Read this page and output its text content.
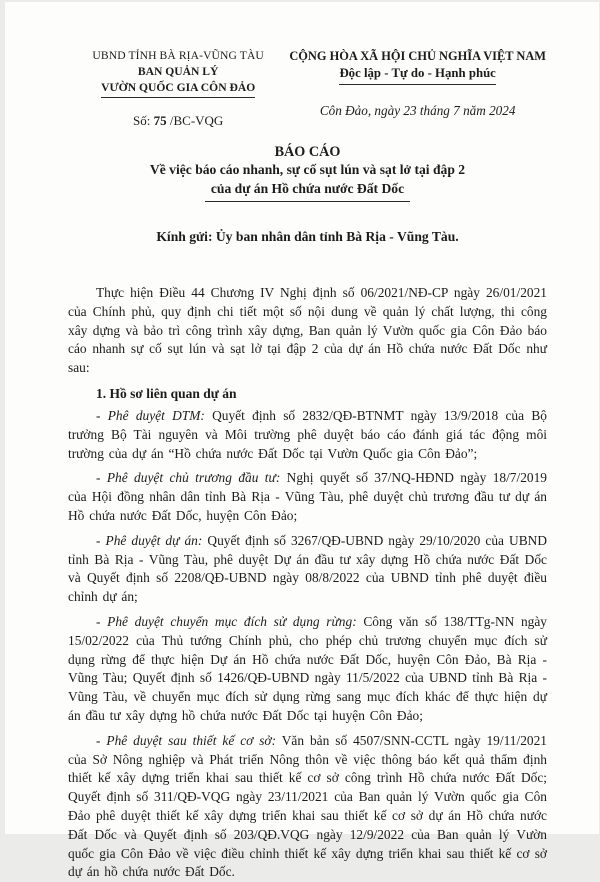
UBND TỈNH BÀ RỊA-VŨNG TÀU
BAN QUẢN LÝ
VƯỜN QUỐC GIA CÔN ĐẢO
Số: 75 /BC-VQG
CỘNG HÒA XÃ HỘI CHỦ NGHĨA VIỆT NAM
Độc lập - Tự do - Hạnh phúc
Côn Đảo, ngày 23 tháng 7 năm 2024
BÁO CÁO
Về việc báo cáo nhanh, sự cố sụt lún và sạt lở tại đập 2
của dự án Hồ chứa nước Đất Dốc
Kính gửi: Ủy ban nhân dân tỉnh Bà Rịa - Vũng Tàu.

Thực hiện Điều 44 Chương IV Nghị định số 06/2021/NĐ-CP ngày 26/01/2021 của Chính phủ, quy định chi tiết một số nội dung về quản lý chất lượng, thi công xây dựng và bảo trì công trình xây dựng, Ban quản lý Vườn quốc gia Côn Đảo báo cáo nhanh sự cố sụt lún và sạt lở tại đập 2 của dự án Hồ chứa nước Đất Dốc như sau:

1. Hồ sơ liên quan dự án

- Phê duyệt DTM: Quyết định số 2832/QĐ-BTNMT ngày 13/9/2018 của Bộ trưởng Bộ Tài nguyên và Môi trường phê duyệt báo cáo đánh giá tác động môi trường của dự án “Hồ chứa nước Đất Dốc tại Vườn Quốc gia Côn Đảo”;

- Phê duyệt chủ trương đầu tư: Nghị quyết số 37/NQ-HĐND ngày 18/7/2019 của Hội đồng nhân dân tỉnh Bà Rịa - Vũng Tàu, phê duyệt chủ trương đầu tư dự án Hồ chứa nước Đất Dốc, huyện Côn Đảo;

- Phê duyệt dự án: Quyết định số 3267/QĐ-UBND ngày 29/10/2020 của UBND tỉnh Bà Rịa - Vũng Tàu, phê duyệt Dự án đầu tư xây dựng Hồ chứa nước Đất Dốc và Quyết định số 2208/QĐ-UBND ngày 08/8/2022 của UBND tỉnh phê duyệt điều chỉnh dự án;

- Phê duyệt chuyển mục đích sử dụng rừng: Công văn số 138/TTg-NN ngày 15/02/2022 của Thủ tướng Chính phủ, cho phép chủ trương chuyển mục đích sử dụng rừng để thực hiện Dự án Hồ chứa nước Đất Dốc, huyện Côn Đảo, Bà Rịa - Vũng Tàu; Quyết định số 1426/QĐ-UBND ngày 11/5/2022 của UBND tỉnh Bà Rịa - Vũng Tàu, về chuyển mục đích sử dụng rừng sang mục đích khác để thực hiện dự án đầu tư xây dựng hồ chứa nước Đất Dốc tại huyện Côn Đảo;

- Phê duyệt sau thiết kế cơ sở: Văn bản số 4507/SNN-CCTL ngày 19/11/2021 của Sở Nông nghiệp và Phát triển Nông thôn về việc thông báo kết quả thẩm định thiết kế xây dựng triển khai sau thiết kế cơ sở công trình Hồ chứa nước Đất Dốc; Quyết định số 311/QĐ-VQG ngày 23/11/2021 của Ban quản lý Vườn quốc gia Côn Đảo phê duyệt thiết kế xây dựng triển khai sau thiết kế cơ sở dự án Hồ chứa nước Đất Dốc và Quyết định số 203/QĐ.VQG ngày 12/9/2022 của Ban quản lý Vườn quốc gia Côn Đảo về việc điều chỉnh thiết kế xây dựng triển khai sau thiết kế cơ sở dự án hồ chứa nước Đất Dốc.
